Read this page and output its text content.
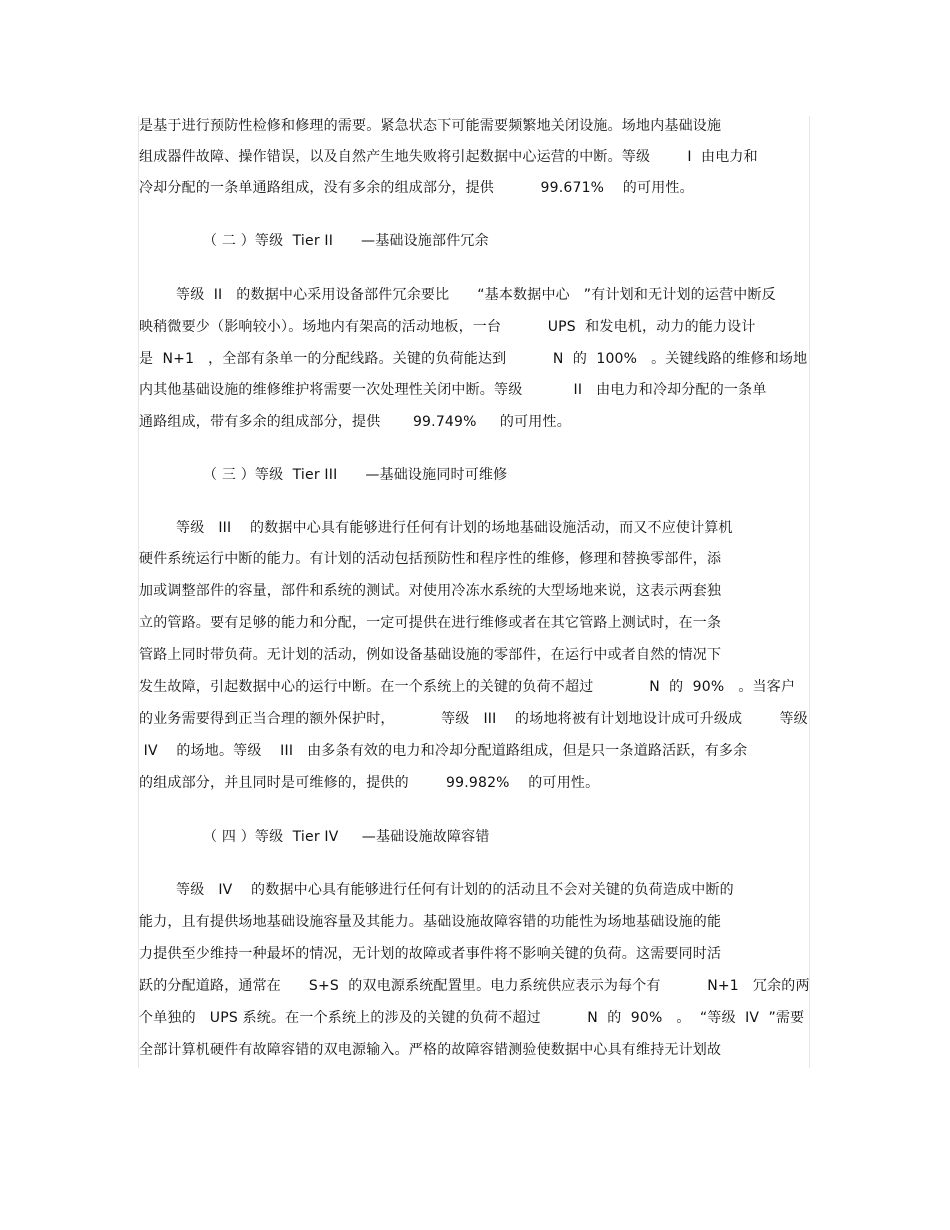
是基于进行预防性检修和修理的需要。紧急状态下可能需要频繁地关闭设施。场地内基础设施
组成器件故障、操作错误，以及自然产生地失败将引起数据中心运营的中断。等级        I  由电力和
冷却分配的一条单通路组成，没有多余的组成部分，提供          99.671%    的可用性。
（ 二 ）等级  Tier II      —基础设施部件冗余
等级  II   的数据中心采用设备部件冗余要比      “基本数据中心   ”有计划和无计划的运营中断反
映稍微要少（影响较小）。场地内有架高的活动地板，一台          UPS  和发电机，动力的能力设计
是  N+1   ，全部有条单一的分配线路。关键的负荷能达到          N  的  100%   。关键线路的维修和场地
内其他基础设施的维修维护将需要一次处理性关闭中断。等级           II   由电力和冷却分配的一条单
通路组成，带有多余的组成部分，提供       99.749%     的可用性。
（ 三 ）等级  Tier III      —基础设施同时可维修
等级   III    的数据中心具有能够进行任何有计划的场地基础设施活动，而又不应使计算机
硬件系统运行中断的能力。有计划的活动包括预防性和程序性的维修，修理和替换零部件，添
加或调整部件的容量，部件和系统的测试。对使用冷冻水系统的大型场地来说，这表示两套独
立的管路。要有足够的能力和分配，一定可提供在进行维修或者在其它管路上测试时，在一条
管路上同时带负荷。无计划的活动，例如设备基础设施的零部件，在运行中或者自然的情况下
发生故障，引起数据中心的运行中断。在一个系统上的关键的负荷不超过            N  的  90%   。当客户
的业务需要得到正当合理的额外保护时，          等级   III    的场地将被有计划地设计成可升级成        等级
IV    的场地。等级    III   由多条有效的电力和冷却分配道路组成，但是只一条道路活跃，有多余
的组成部分，并且同时是可维修的，提供的        99.982%    的可用性。
（ 四 ）等级  Tier IV     —基础设施故障容错
等级   IV    的数据中心具有能够进行任何有计划的的活动且不会对关键的负荷造成中断的
能力，且有提供场地基础设施容量及其能力。基础设施故障容错的功能性为场地基础设施的能
力提供至少维持一种最坏的情况，无计划的故障或者事件将不影响关键的负荷。这需要同时活
跃的分配道路，通常在      S+S  的双电源系统配置里。电力系统供应表示为每个有          N+1   冗余的两
个单独的   UPS 系统。在一个系统上的涉及的关键的负荷不超过          N  的  90%   。  “等级  IV  ”需要
全部计算机硬件有故障容错的双电源输入。严格的故障容错测验使数据中心具有维持无计划故
